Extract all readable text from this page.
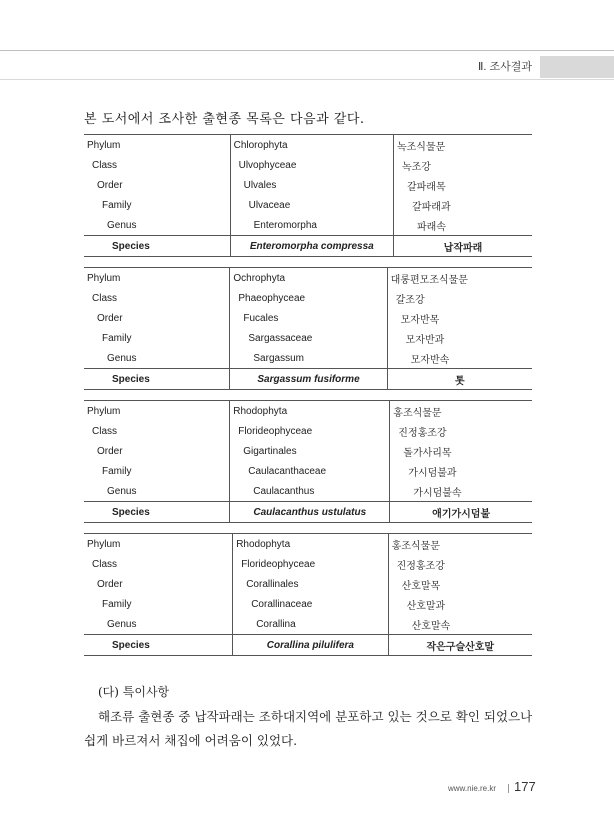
Ⅱ. 조사결과
본 도서에서 조사한 출현종 목록은 다음과 같다.
Phylum	Chlorophyta	녹조식물문
Class	Ulvophyceae	녹조강
Order	Ulvales	갈파래목
Family	Ulvaceae	갈파래과
Genus	Enteromorpha	파래속
Species	Enteromorpha compressa	납작파래
Phylum	Ochrophyta	대롱편모조식물문
Class	Phaeophyceae	갈조강
Order	Fucales	모자반목
Family	Sargassaceae	모자반과
Genus	Sargassum	모자반속
Species	Sargassum fusiforme	톳
Phylum	Rhodophyta	홍조식물문
Class	Florideophyceae	진정홍조강
Order	Gigartinales	돌가사리목
Family	Caulacanthaceae	가시덤불과
Genus	Caulacanthus	가시덤불속
Species	Caulacanthus ustulatus	애기가시덤불
Phylum	Rhodophyta	홍조식물문
Class	Florideophyceae	진정홍조강
Order	Corallinales	산호말목
Family	Corallinaceae	산호말과
Genus	Corallina	산호말속
Species	Corallina pilulifera	작은구슬산호말
(다) 특이사항
해조류 출현종 중 납작파래는 조하대지역에 분포하고 있는 것으로 확인 되었으나
쉽게 바르져서 채집에 어려움이 있었다.
www.nie.re.kr 177
